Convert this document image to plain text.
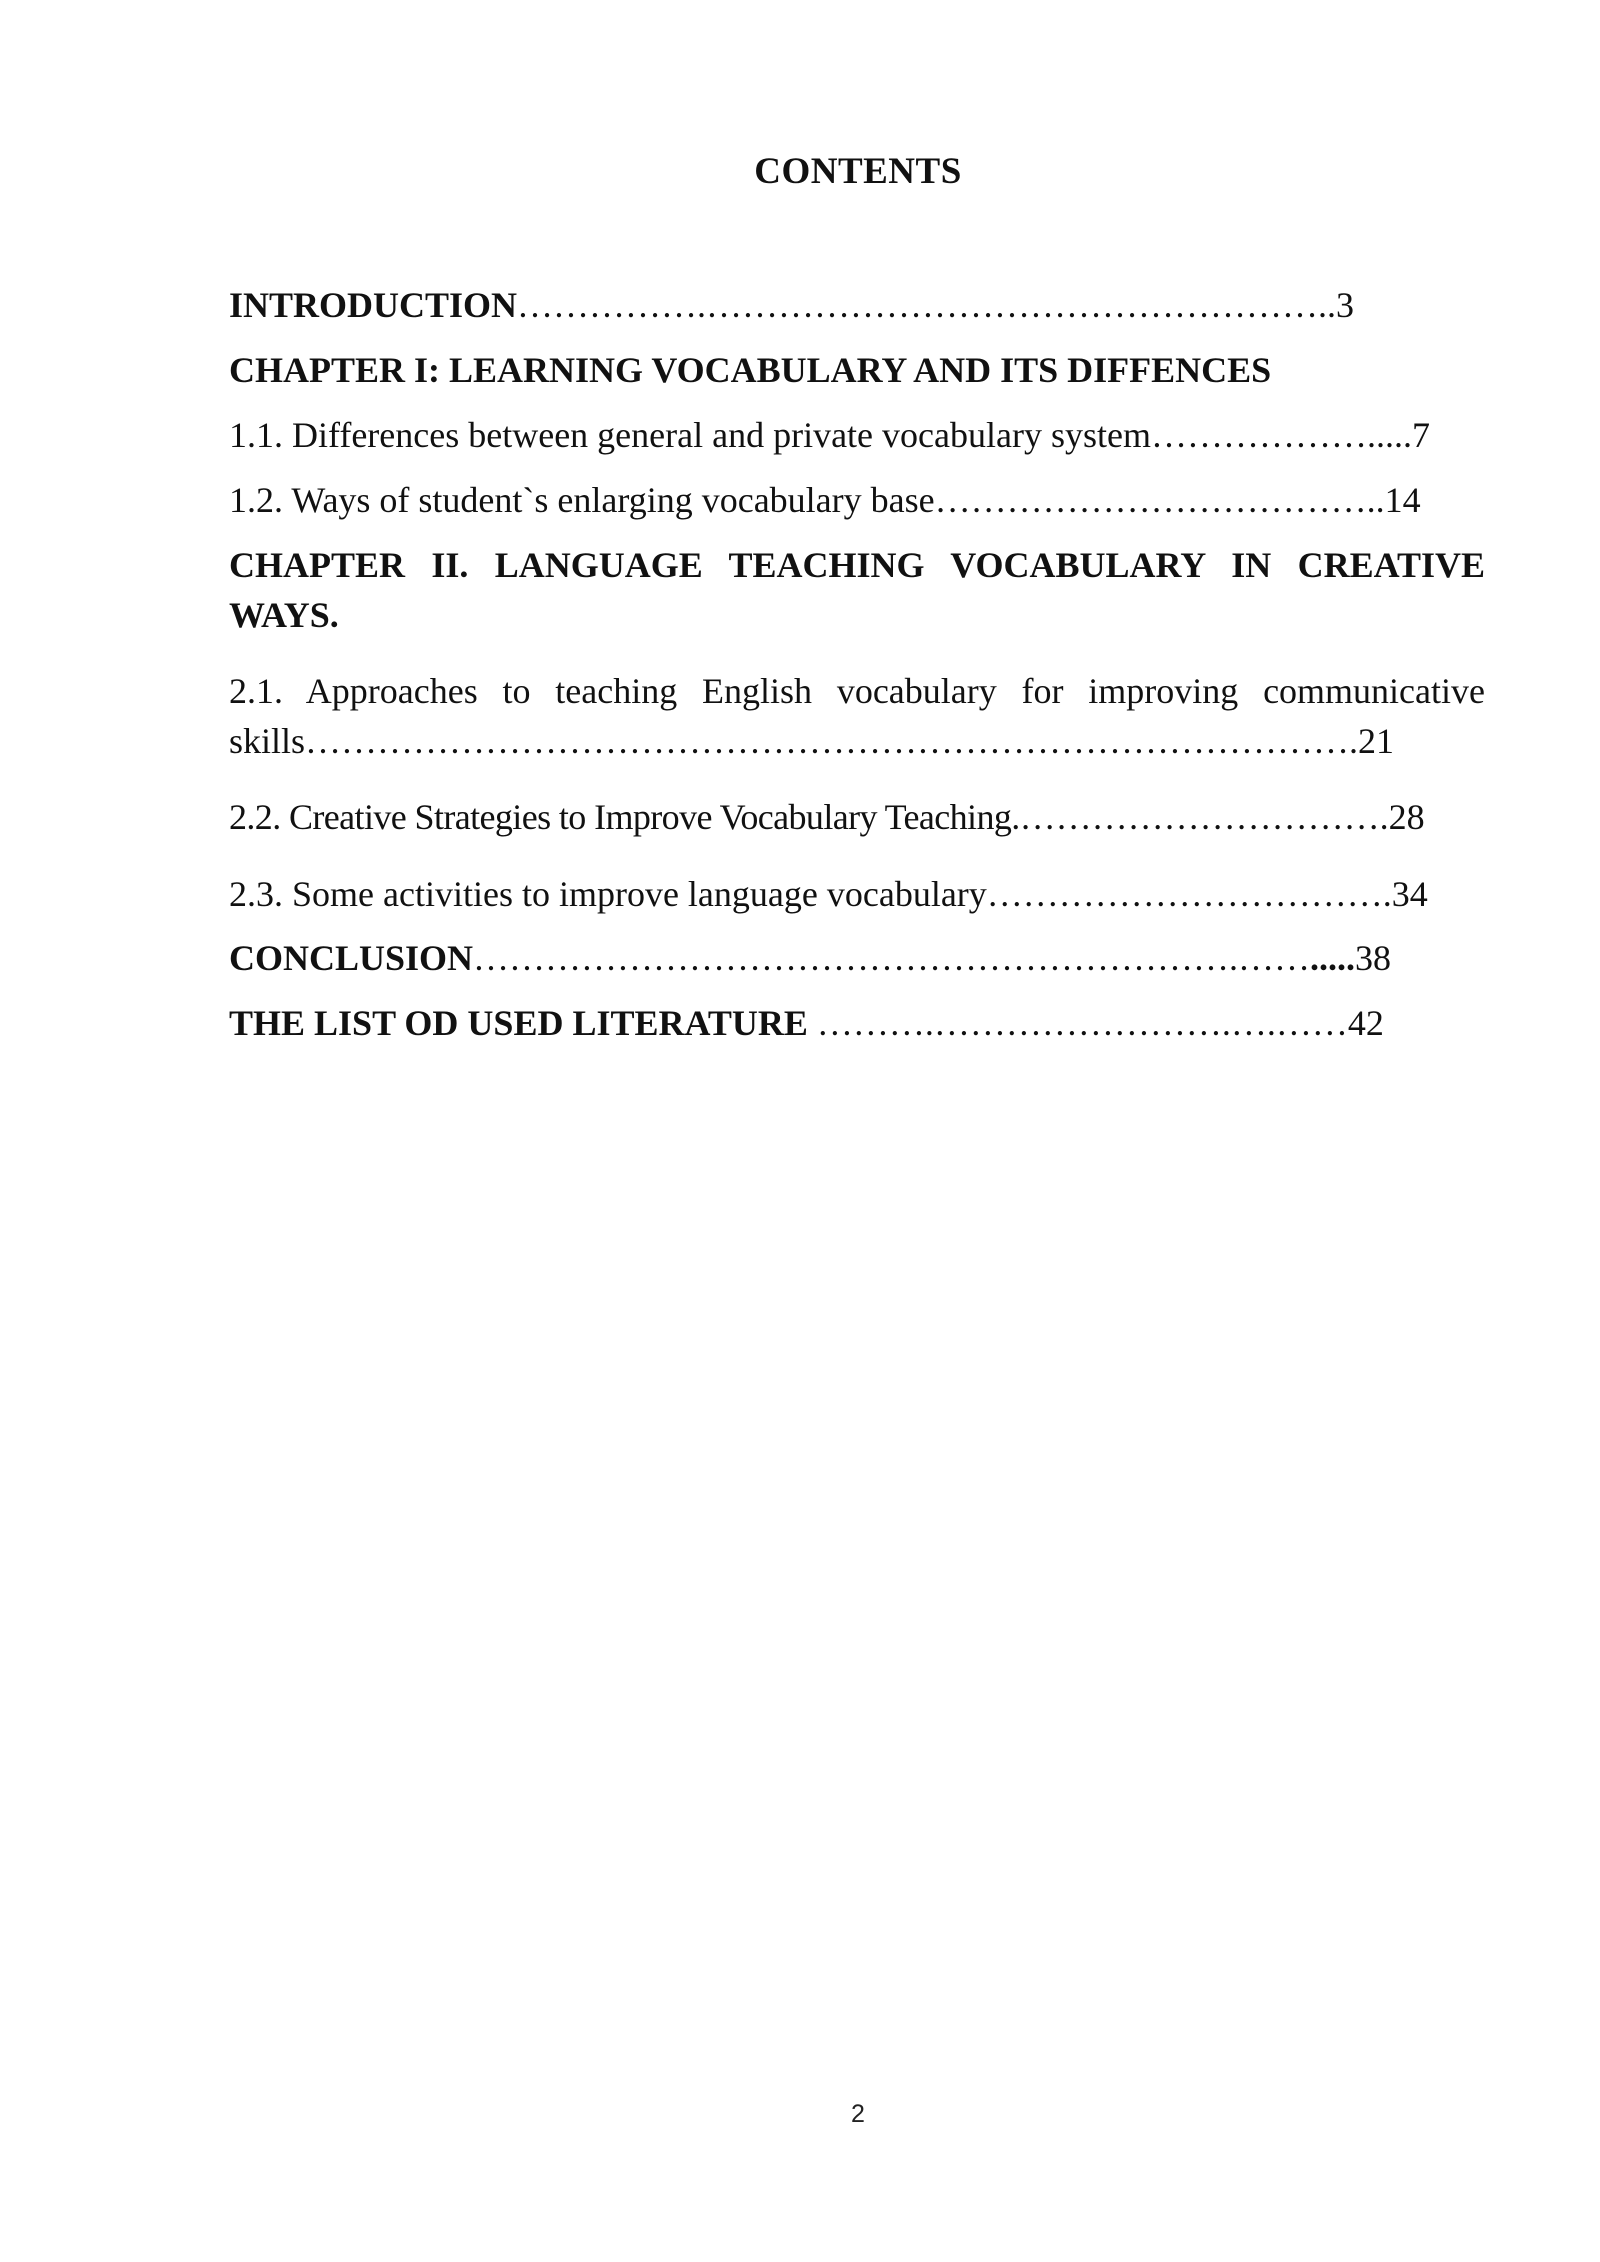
CONTENTS
INTRODUCTION…………….……………………………………………..3
CHAPTER I: LEARNING VOCABULARY AND ITS DIFFENCES
1.1. Differences between general and private vocabulary system……………….....7
1.2. Ways of student`s enlarging vocabulary base………………………………..14
CHAPTER II. LANGUAGE TEACHING VOCABULARY IN CREATIVE WAYS.
2.1. Approaches to teaching English vocabulary for improving communicative
skills…………………………………………………………………………….21
2.2. Creative Strategies to Improve Vocabulary Teaching.………………………….28
2.3. Some activities to improve language vocabulary…………………………….34
CONCLUSION……………………………………………………….…….....38
THE LIST OD USED LITERATURE ……….…………………….….……42
2
